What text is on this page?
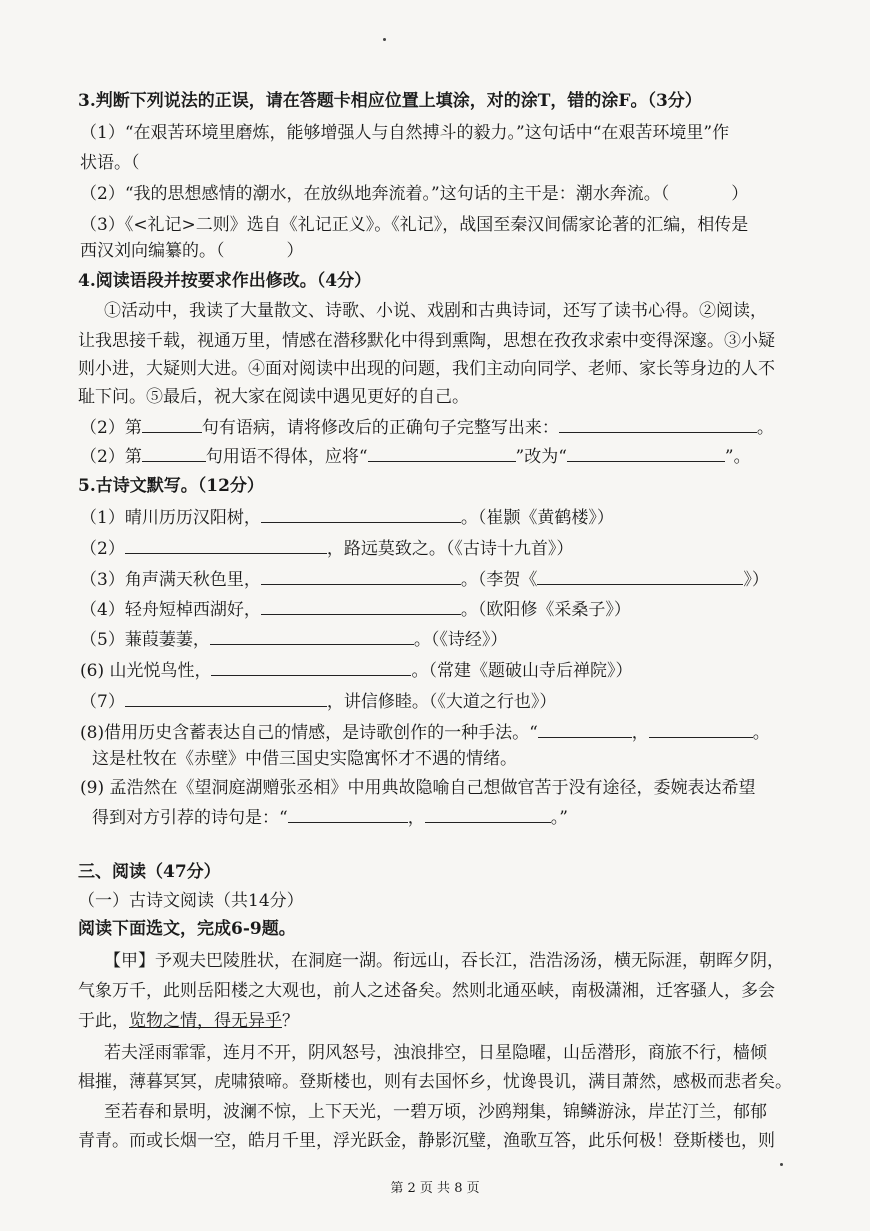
3.判断下列说法的正误，请在答题卡相应位置上填涂，对的涂T，错的涂F。（3分）
（1）“在艰苦环境里磨炼，能够增强人与自然搏斗的毅力。”这句话中“在艰苦环境里”作
状语。（
（2）“我的思想感情的潮水，在放纵地奔流着。”这句话的主干是：潮水奔流。（	）
（3）《<礼记>二则》选自《礼记正义》。《礼记》，战国至秦汉间儒家论著的汇编，相传是
西汉刘向编纂的。（	）
4.阅读语段并按要求作出修改。（4分）
①活动中，我读了大量散文、诗歌、小说、戏剧和古典诗词，还写了读书心得。②阅读，
让我思接千载，视通万里，情感在潜移默化中得到熏陶，思想在孜孜求索中变得深邃。③小疑
则小进，大疑则大进。④面对阅读中出现的问题，我们主动向同学、老师、家长等身边的人不
耻下问。⑤最后，祝大家在阅读中遇见更好的自己。
（2）第	句有语病，请将修改后的正确句子完整写出来：	。
（2）第	句用语不得体，应将“	”改为“	”。
5.古诗文默写。（12分）
（1）晴川历历汉阳树，	。（崔颢《黄鹤楼》）
（2）	，路远莫致之。（《古诗十九首》）
（3）角声满天秋色里，	。（李贺《	》）
（4）轻舟短棹西湖好，	。（欧阳修《采桑子》）
（5）蒹葭萋萋，	。（《诗经》）
(6) 山光悦鸟性，	。（常建《题破山寺后禅院》）
（7）	，讲信修睦。（《大道之行也》）
(8)借用历史含蓄表达自己的情感，是诗歌创作的一种手法。“	，	。
这是杜牧在《赤壁》中借三国史实隐寓怀才不遇的情绪。
(9) 孟浩然在《望洞庭湖赠张丞相》中用典故隐喻自己想做官苦于没有途径，委婉表达希望
得到对方引荐的诗句是：“	，	。”
三、阅读（47分）
（一）古诗文阅读（共14分）
阅读下面选文，完成6-9题。
【甲】予观夫巴陵胜状，在洞庭一湖。衔远山，吞长江，浩浩汤汤，横无际涯，朝晖夕阴，
气象万千，此则岳阳楼之大观也，前人之述备矣。然则北通巫峡，南极潇湘，迁客骚人，多会
于此，览物之情，得无异乎？
若夫淫雨霏霏，连月不开，阴风怒号，浊浪排空，日星隐曜，山岳潜形，商旅不行，樯倾
楫摧，薄暮冥冥，虎啸猿啼。登斯楼也，则有去国怀乡，忧谗畏讥，满目萧然，感极而悲者矣。
至若春和景明，波澜不惊，上下天光，一碧万顷，沙鸥翔集，锦鳞游泳，岸芷汀兰，郁郁
青青。而或长烟一空，皓月千里，浮光跃金，静影沉璧，渔歌互答，此乐何极！登斯楼也，则
第 2 页 共 8 页
